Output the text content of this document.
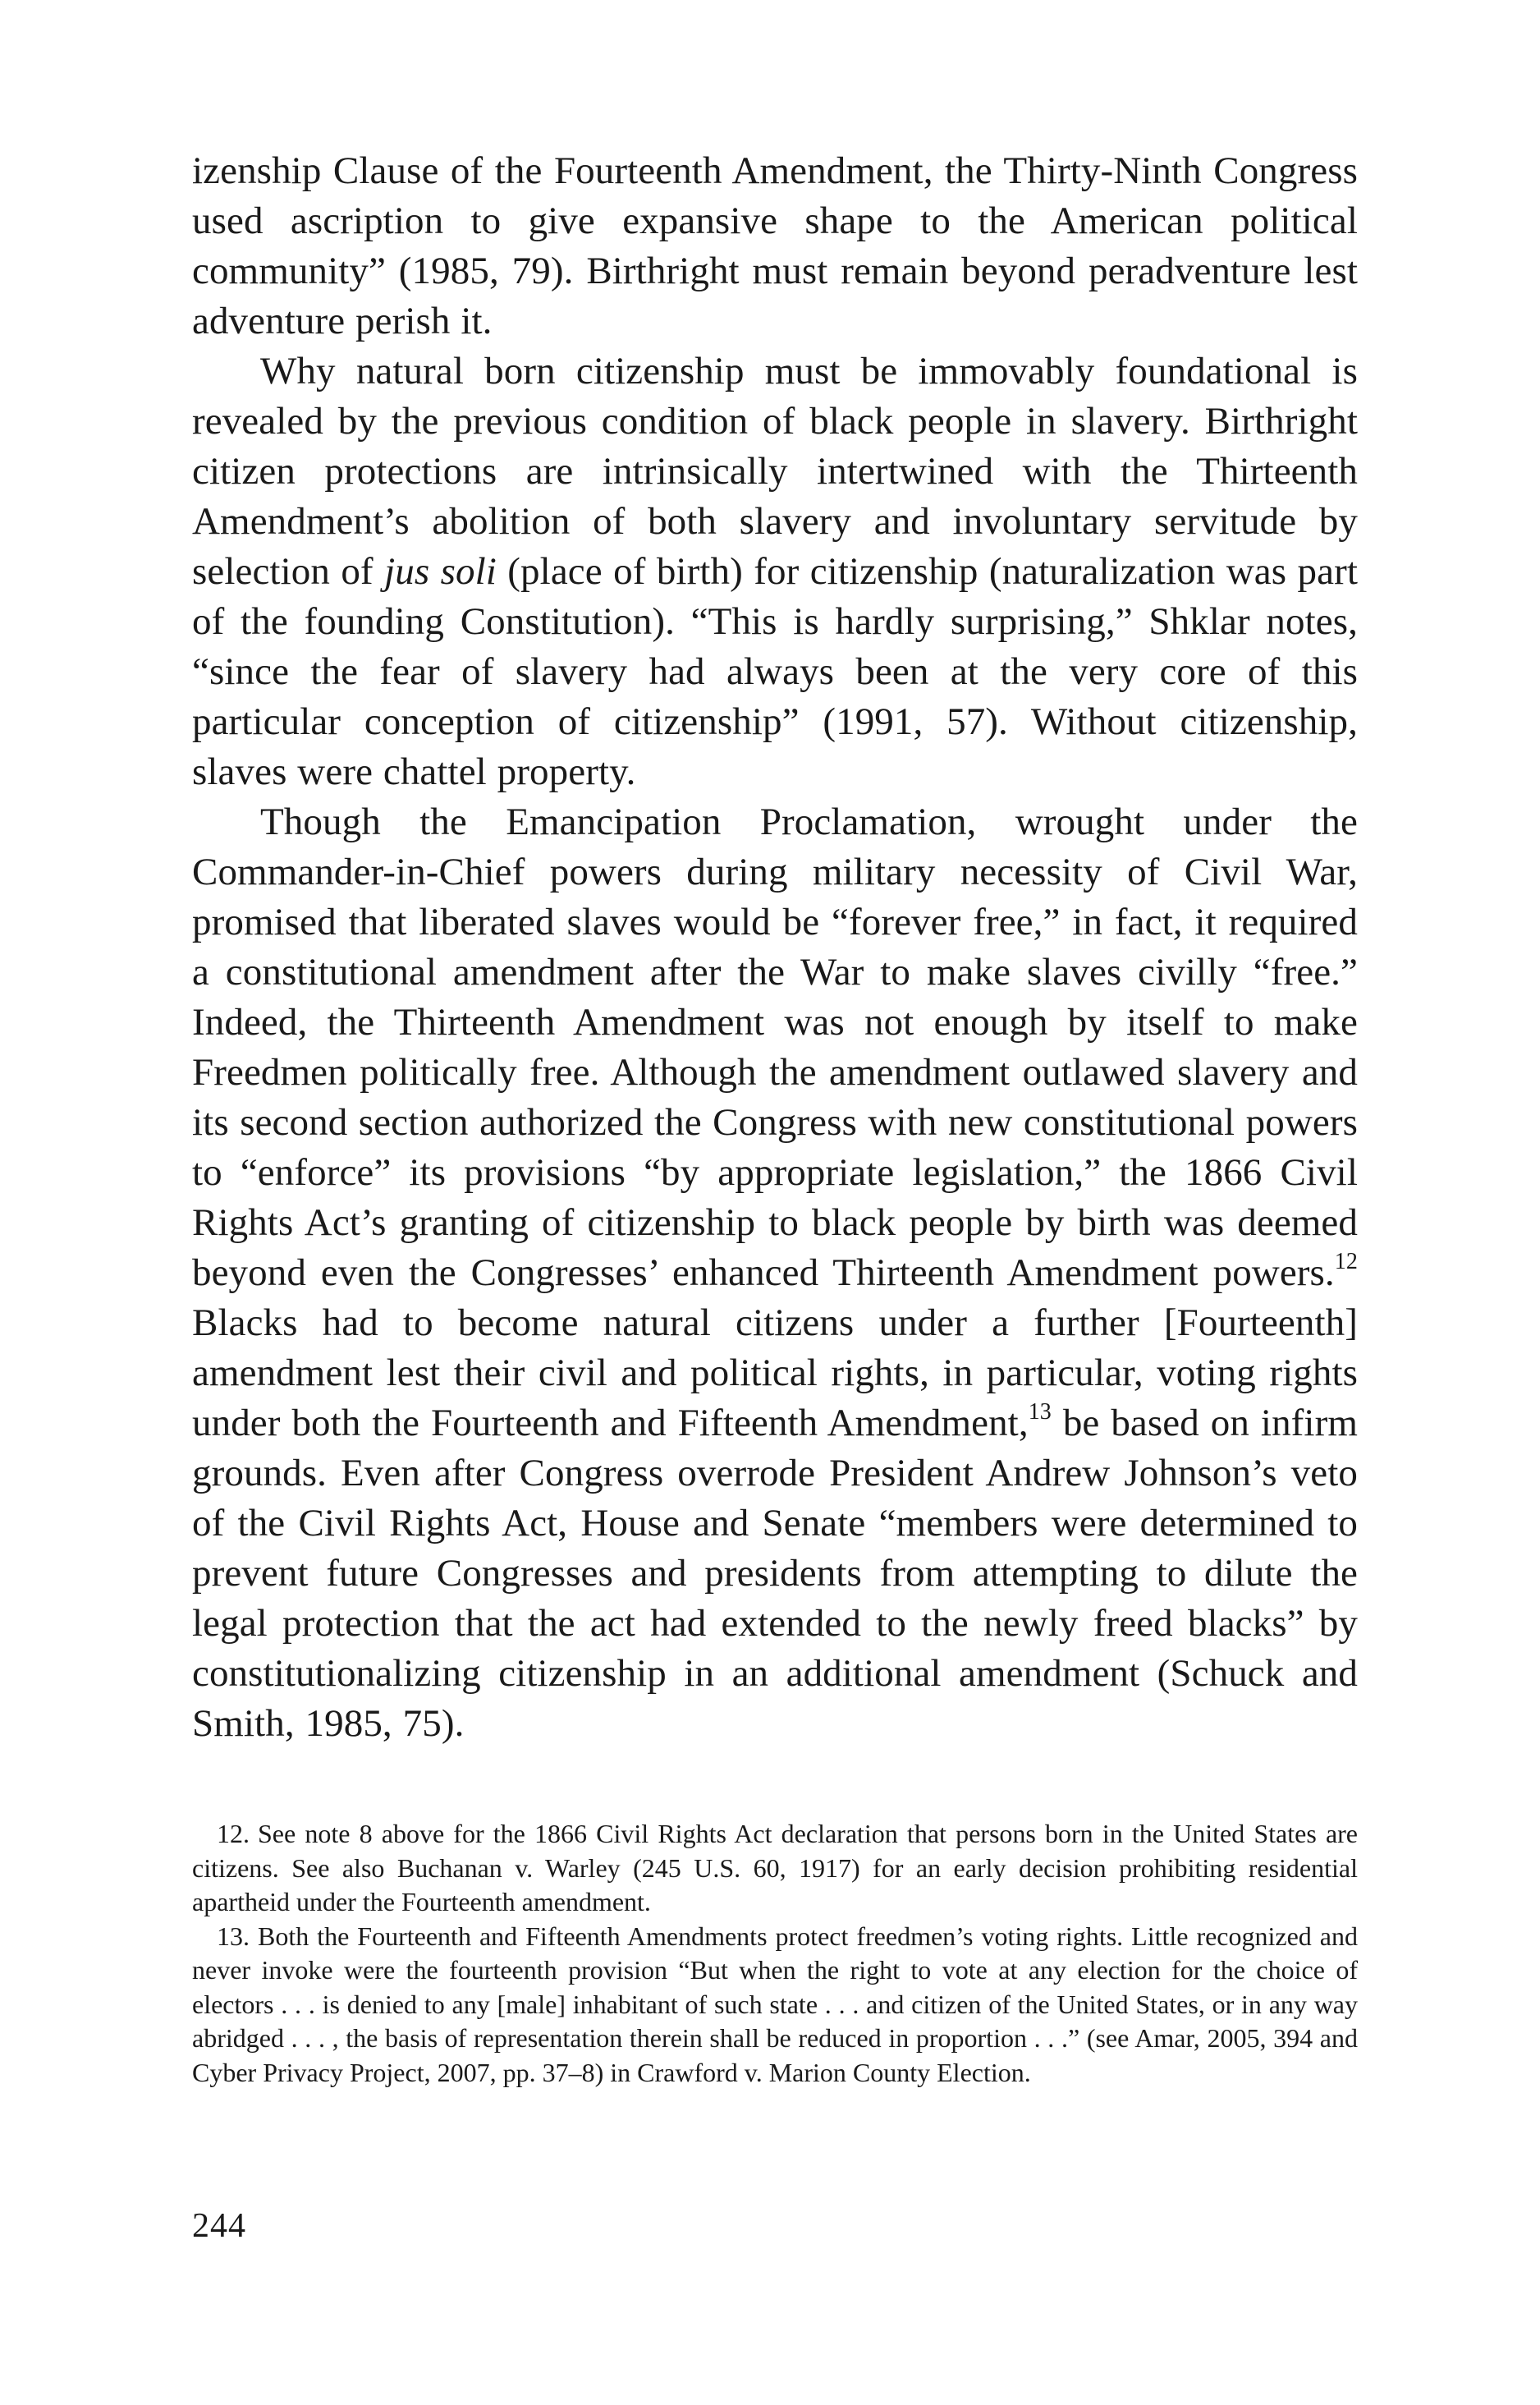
izenship Clause of the Fourteenth Amendment, the Thirty-Ninth Congress used ascription to give expansive shape to the American political community” (1985, 79). Birthright must remain beyond peradventure lest adventure perish it.

Why natural born citizenship must be immovably foundational is revealed by the previous condition of black people in slavery. Birthright citizen protections are intrinsically intertwined with the Thirteenth Amendment’s abolition of both slavery and involuntary servitude by selection of jus soli (place of birth) for citizenship (naturalization was part of the founding Constitution). “This is hardly surprising,” Shklar notes, “since the fear of slavery had always been at the very core of this particular conception of citizenship” (1991, 57). Without citizenship, slaves were chattel property.

Though the Emancipation Proclamation, wrought under the Commander-in-Chief powers during military necessity of Civil War, promised that liberated slaves would be “forever free,” in fact, it required a constitutional amendment after the War to make slaves civilly “free.” Indeed, the Thirteenth Amendment was not enough by itself to make Freedmen politically free. Although the amendment outlawed slavery and its second section authorized the Congress with new constitutional powers to “enforce” its provisions “by appropriate legislation,” the 1866 Civil Rights Act’s granting of citizenship to black people by birth was deemed beyond even the Congresses’ enhanced Thirteenth Amendment powers.$^{12}$ Blacks had to become natural citizens under a further [Fourteenth] amendment lest their civil and political rights, in particular, voting rights under both the Fourteenth and Fifteenth Amendment,$^{13}$ be based on infirm grounds. Even after Congress overrode President Andrew Johnson’s veto of the Civil Rights Act, House and Senate “members were determined to prevent future Congresses and presidents from attempting to dilute the legal protection that the act had extended to the newly freed blacks” by constitutionalizing citizenship in an additional amendment (Schuck and Smith, 1985, 75).

12. See note 8 above for the 1866 Civil Rights Act declaration that persons born in the United States are citizens. See also Buchanan v. Warley (245 U.S. 60, 1917) for an early decision prohibiting residential apartheid under the Fourteenth amendment.

13. Both the Fourteenth and Fifteenth Amendments protect freedmen’s voting rights. Little recognized and never invoke were the fourteenth provision “But when the right to vote at any election for the choice of electors . . . is denied to any [male] inhabitant of such state . . . and citizen of the United States, or in any way abridged . . . , the basis of representation therein shall be reduced in proportion . . .” (see Amar, 2005, 394 and Cyber Privacy Project, 2007, pp. 37–8) in Crawford v. Marion County Election.

244
